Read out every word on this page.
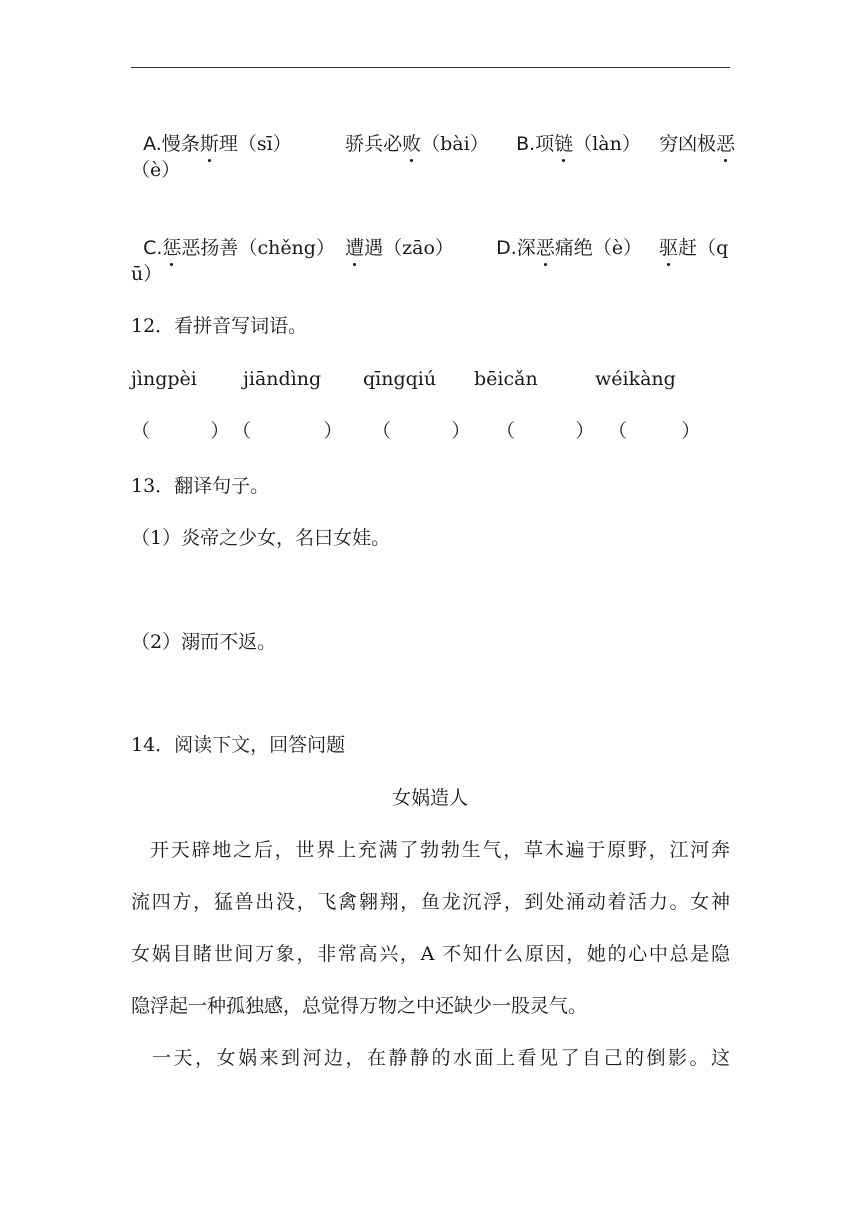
A.慢条斯理（sī）	骄兵必败（bài）	B.项链（làn） 穷凶极恶

（è）

C.惩恶扬善（chěng） 遭遇（zāo）	D.深恶痛绝（è） 驱赶（q

ū）
12．看拼音写词语。
jìngpèi jiāndìng qīngqiú bēicǎn	wéikàng
（          ） （            ） （          ） （          ） （         ）
13．翻译句子。
（1）炎帝之少女，名曰女娃。
（2）溺而不返。
14．阅读下文，回答问题
女娲造人
开天辟地之后，世界上充满了勃勃生气，草木遍于原野，江河奔
流四方，猛兽出没，飞禽翱翔，鱼龙沉浮，到处涌动着活力。女神
女娲目睹世间万象，非常高兴，A 不知什么原因，她的心中总是隐
隐浮起一种孤独感，总觉得万物之中还缺少一股灵气。
一天，女娲来到河边，在静静的水面上看见了自己的倒影。这
